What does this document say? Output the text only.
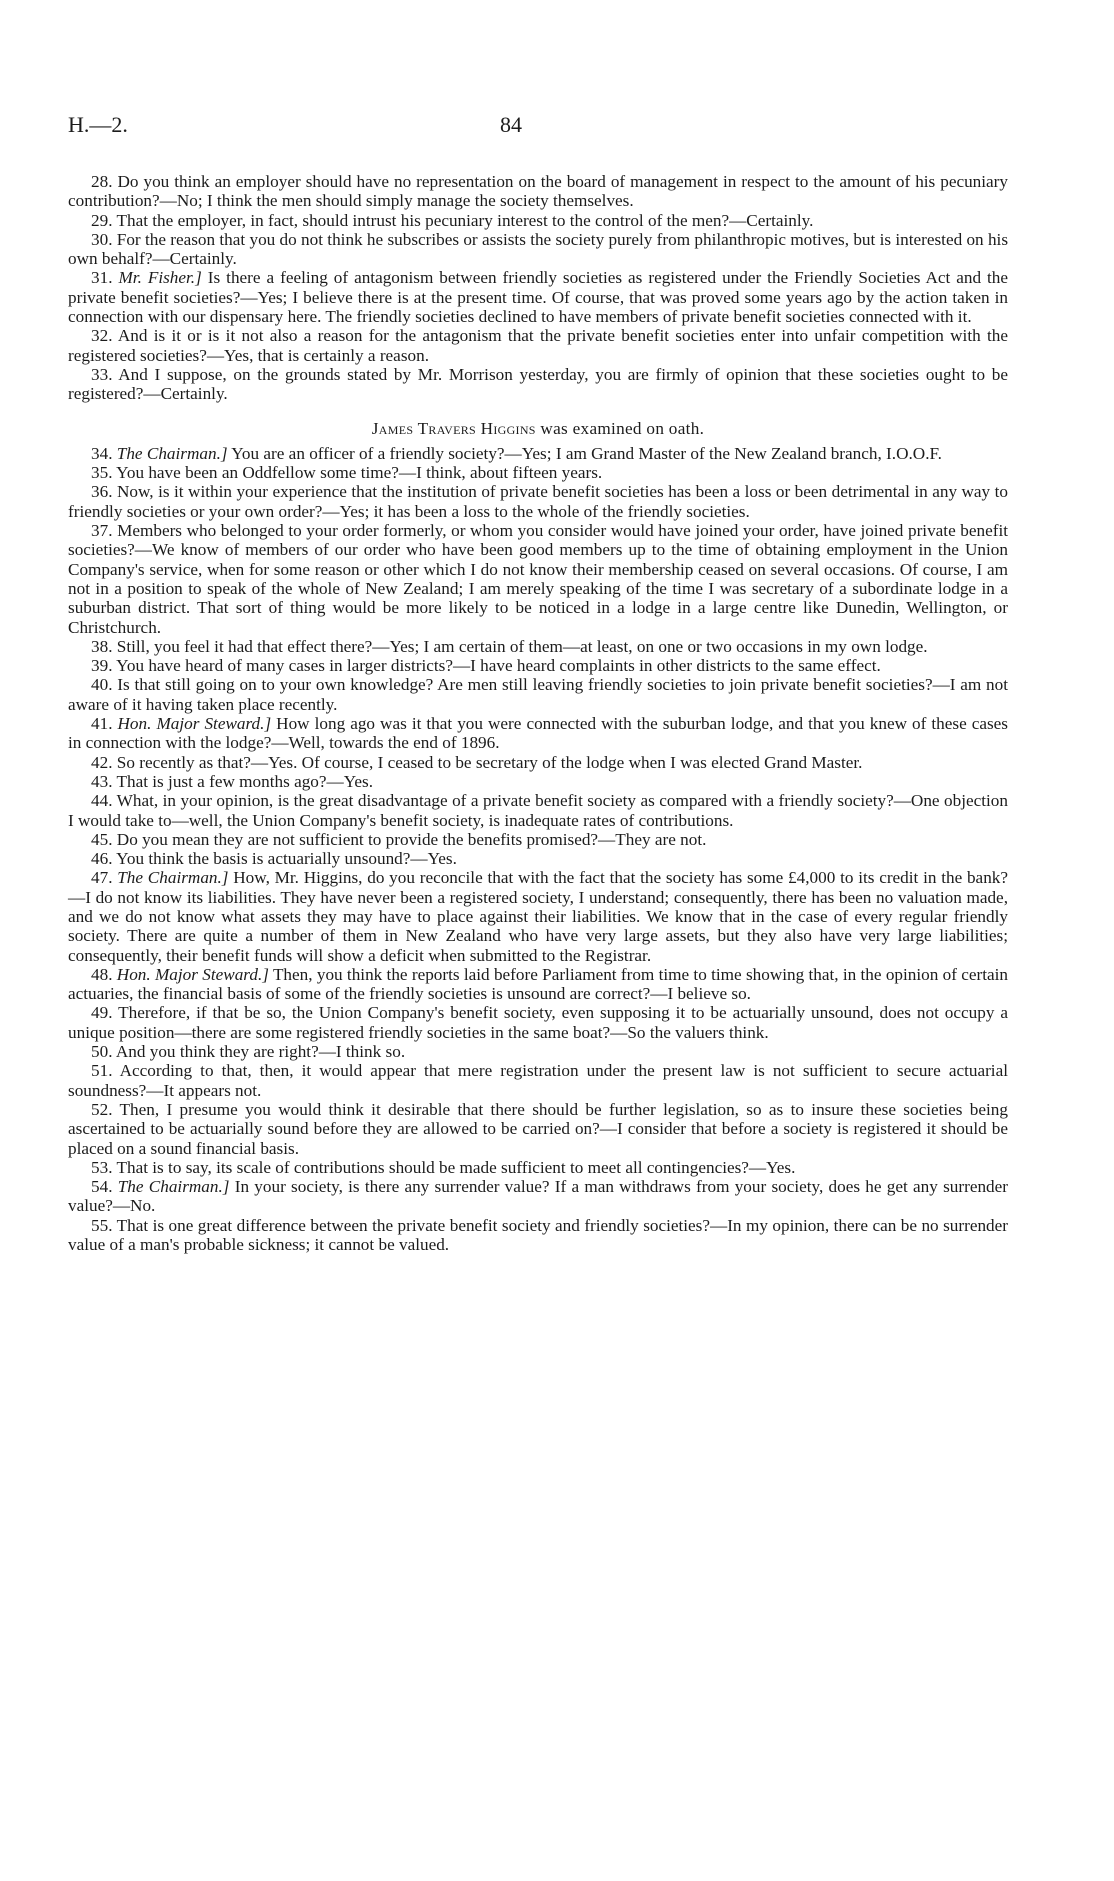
H.—2.	84

28. Do you think an employer should have no representation on the board of management in respect to the amount of his pecuniary contribution?—No; I think the men should simply manage the society themselves.

29. That the employer, in fact, should intrust his pecuniary interest to the control of the men?—Certainly.

30. For the reason that you do not think he subscribes or assists the society purely from philanthropic motives, but is interested on his own behalf?—Certainly.

31. Mr. Fisher.] Is there a feeling of antagonism between friendly societies as registered under the Friendly Societies Act and the private benefit societies?—Yes; I believe there is at the present time. Of course, that was proved some years ago by the action taken in connection with our dispensary here. The friendly societies declined to have members of private benefit societies connected with it.

32. And is it or is it not also a reason for the antagonism that the private benefit societies enter into unfair competition with the registered societies?—Yes, that is certainly a reason.

33. And I suppose, on the grounds stated by Mr. Morrison yesterday, you are firmly of opinion that these societies ought to be registered?—Certainly.

James Travers Higgins was examined on oath.

34. The Chairman.] You are an officer of a friendly society?—Yes; I am Grand Master of the New Zealand branch, I.O.O.F.

35. You have been an Oddfellow some time?—I think, about fifteen years.

36. Now, is it within your experience that the institution of private benefit societies has been a loss or been detrimental in any way to friendly societies or your own order?—Yes; it has been a loss to the whole of the friendly societies.

37. Members who belonged to your order formerly, or whom you consider would have joined your order, have joined private benefit societies?—We know of members of our order who have been good members up to the time of obtaining employment in the Union Company's service, when for some reason or other which I do not know their membership ceased on several occasions. Of course, I am not in a position to speak of the whole of New Zealand; I am merely speaking of the time I was secretary of a subordinate lodge in a suburban district. That sort of thing would be more likely to be noticed in a lodge in a large centre like Dunedin, Wellington, or Christchurch.

38. Still, you feel it had that effect there?—Yes; I am certain of them—at least, on one or two occasions in my own lodge.

39. You have heard of many cases in larger districts?—I have heard complaints in other districts to the same effect.

40. Is that still going on to your own knowledge? Are men still leaving friendly societies to join private benefit societies?—I am not aware of it having taken place recently.

41. Hon. Major Steward.] How long ago was it that you were connected with the suburban lodge, and that you knew of these cases in connection with the lodge?—Well, towards the end of 1896.

42. So recently as that?—Yes. Of course, I ceased to be secretary of the lodge when I was elected Grand Master.

43. That is just a few months ago?—Yes.

44. What, in your opinion, is the great disadvantage of a private benefit society as compared with a friendly society?—One objection I would take to—well, the Union Company's benefit society, is inadequate rates of contributions.

45. Do you mean they are not sufficient to provide the benefits promised?—They are not.

46. You think the basis is actuarially unsound?—Yes.

47. The Chairman.] How, Mr. Higgins, do you reconcile that with the fact that the society has some £4,000 to its credit in the bank?—I do not know its liabilities. They have never been a registered society, I understand; consequently, there has been no valuation made, and we do not know what assets they may have to place against their liabilities. We know that in the case of every regular friendly society. There are quite a number of them in New Zealand who have very large assets, but they also have very large liabilities; consequently, their benefit funds will show a deficit when submitted to the Registrar.

48. Hon. Major Steward.] Then, you think the reports laid before Parliament from time to time showing that, in the opinion of certain actuaries, the financial basis of some of the friendly societies is unsound are correct?—I believe so.

49. Therefore, if that be so, the Union Company's benefit society, even supposing it to be actuarially unsound, does not occupy a unique position—there are some registered friendly societies in the same boat?—So the valuers think.

50. And you think they are right?—I think so.

51. According to that, then, it would appear that mere registration under the present law is not sufficient to secure actuarial soundness?—It appears not.

52. Then, I presume you would think it desirable that there should be further legislation, so as to insure these societies being ascertained to be actuarially sound before they are allowed to be carried on?—I consider that before a society is registered it should be placed on a sound financial basis.

53. That is to say, its scale of contributions should be made sufficient to meet all contingencies?—Yes.

54. The Chairman.] In your society, is there any surrender value? If a man withdraws from your society, does he get any surrender value?—No.

55. That is one great difference between the private benefit society and friendly societies?—In my opinion, there can be no surrender value of a man's probable sickness; it cannot be valued.
